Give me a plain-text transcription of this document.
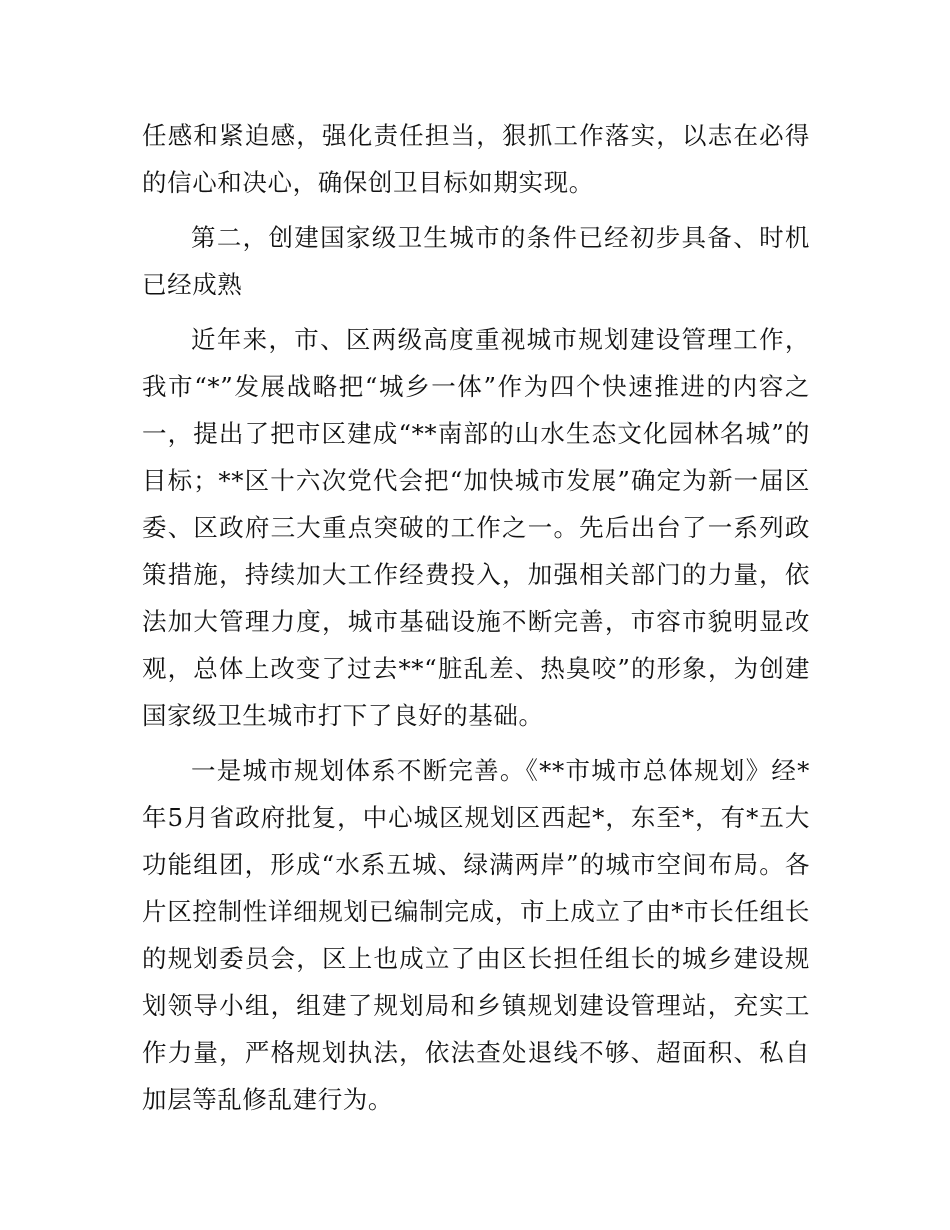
任感和紧迫感，强化责任担当，狠抓工作落实，以志在必得的信心和决心，确保创卫目标如期实现。

第二，创建国家级卫生城市的条件已经初步具备、时机已经成熟

近年来，市、区两级高度重视城市规划建设管理工作，我市“*”发展战略把“城乡一体”作为四个快速推进的内容之一，提出了把市区建成“**南部的山水生态文化园林名城”的目标；**区十六次党代会把“加快城市发展”确定为新一届区委、区政府三大重点突破的工作之一。先后出台了一系列政策措施，持续加大工作经费投入，加强相关部门的力量，依法加大管理力度，城市基础设施不断完善，市容市貌明显改观，总体上改变了过去**“脏乱差、热臭咬”的形象，为创建国家级卫生城市打下了良好的基础。

一是城市规划体系不断完善。《**市城市总体规划》经*年5月省政府批复，中心城区规划区西起*，东至*，有*五大功能组团，形成“水系五城、绿满两岸”的城市空间布局。各片区控制性详细规划已编制完成，市上成立了由*市长任组长的规划委员会，区上也成立了由区长担任组长的城乡建设规划领导小组，组建了规划局和乡镇规划建设管理站，充实工作力量，严格规划执法，依法查处退线不够、超面积、私自加层等乱修乱建行为。
